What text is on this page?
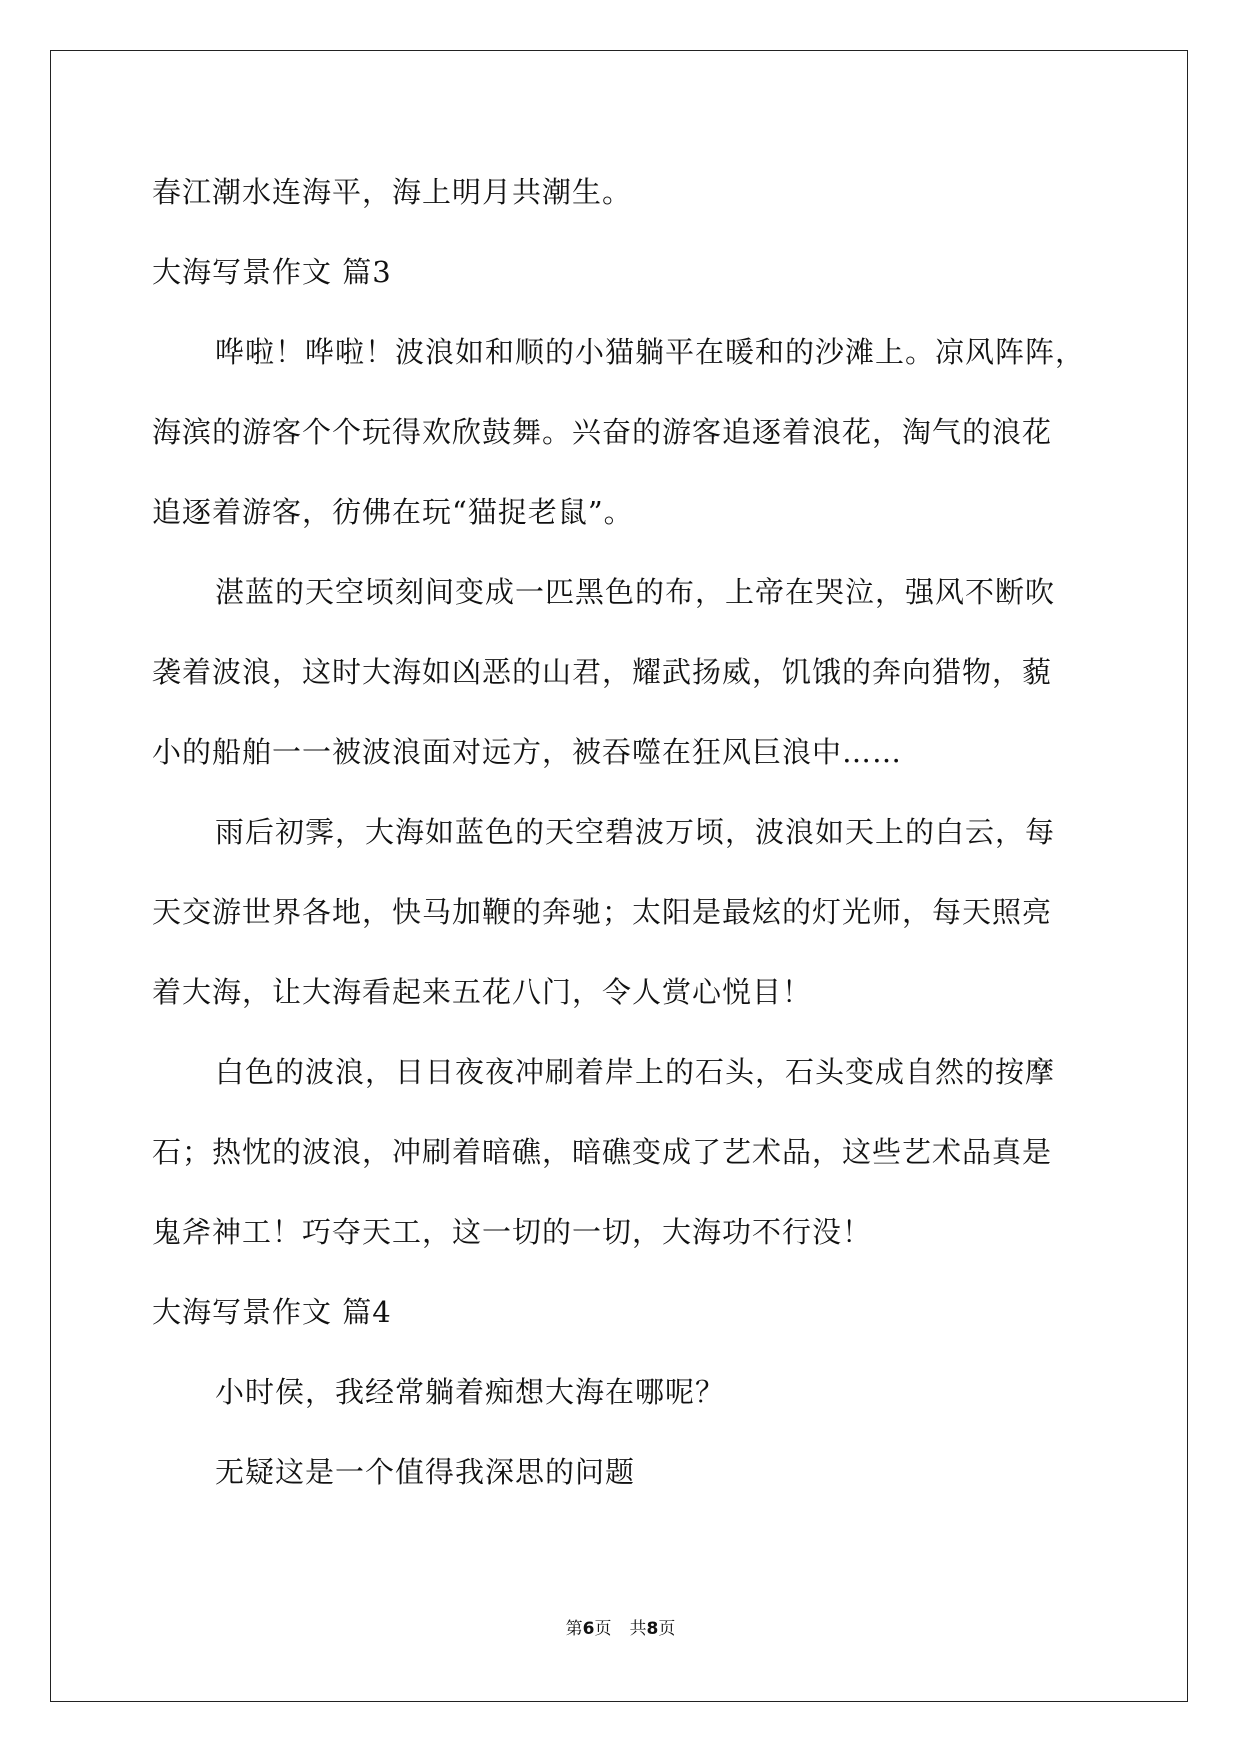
春江潮水连海平，海上明月共潮生。
大海写景作文 篇3
哗啦！哗啦！波浪如和顺的小猫躺平在暖和的沙滩上。凉风阵阵，
海滨的游客个个玩得欢欣鼓舞。兴奋的游客追逐着浪花，淘气的浪花
追逐着游客，彷佛在玩“猫捉老鼠”。
湛蓝的天空顷刻间变成一匹黑色的布，上帝在哭泣，强风不断吹
袭着波浪，这时大海如凶恶的山君，耀武扬威，饥饿的奔向猎物，藐
小的船舶一一被波浪面对远方，被吞噬在狂风巨浪中……
雨后初霁，大海如蓝色的天空碧波万顷，波浪如天上的白云，每
天交游世界各地，快马加鞭的奔驰；太阳是最炫的灯光师，每天照亮
着大海，让大海看起来五花八门，令人赏心悦目！
白色的波浪，日日夜夜冲刷着岸上的石头，石头变成自然的按摩
石；热忱的波浪，冲刷着暗礁，暗礁变成了艺术品，这些艺术品真是
鬼斧神工！巧夺天工，这一切的一切，大海功不行没！
大海写景作文 篇4
小时侯，我经常躺着痴想大海在哪呢？
无疑这是一个值得我深思的问题
第6页 共8页
